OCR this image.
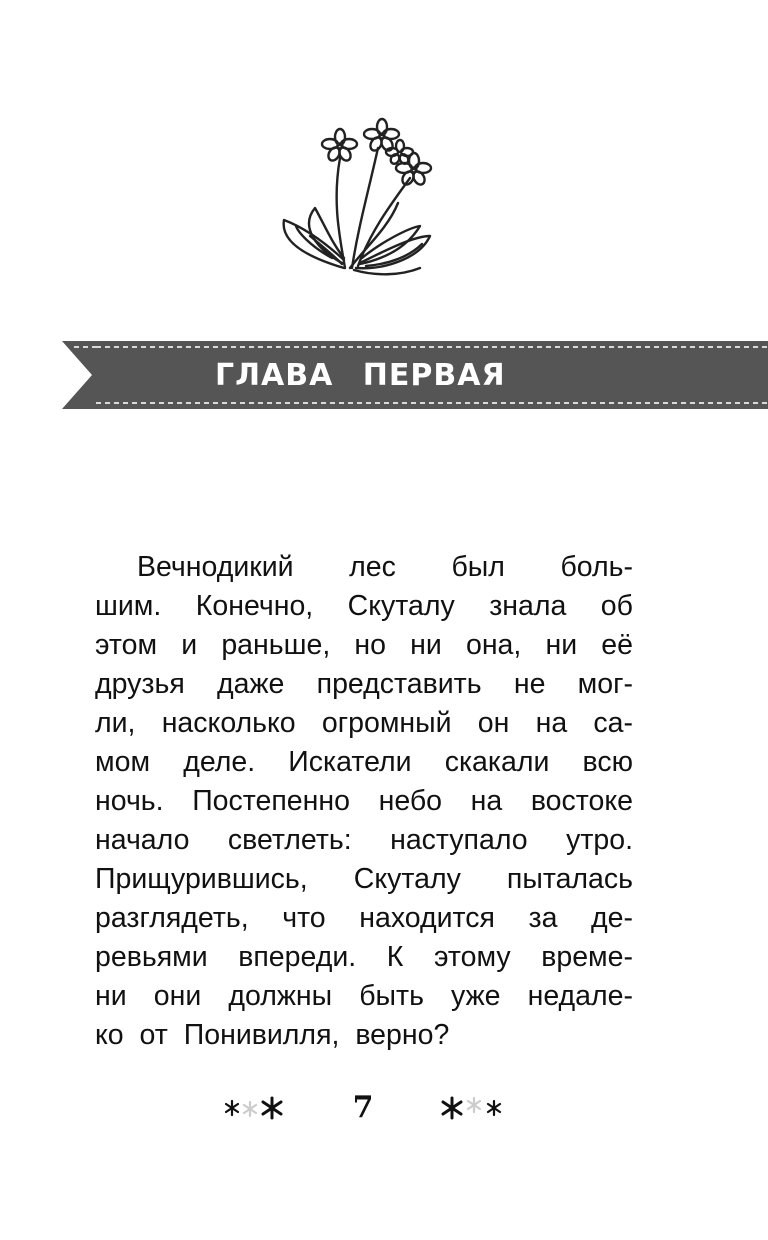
ГЛАВА ПЕРВАЯ
Вечнодикий лес был боль-
шим. Конечно, Скуталу знала об
этом и раньше, но ни она, ни её
друзья даже представить не мог-
ли, насколько огромный он на са-
мом деле. Искатели скакали всю
ночь. Постепенно небо на востоке
начало светлеть: наступало утро.
Прищурившись, Скуталу пыталась
разглядеть, что находится за де-
ревьями впереди. К этому време-
ни они должны быть уже недале-
ко от Понивилля, верно?
7
